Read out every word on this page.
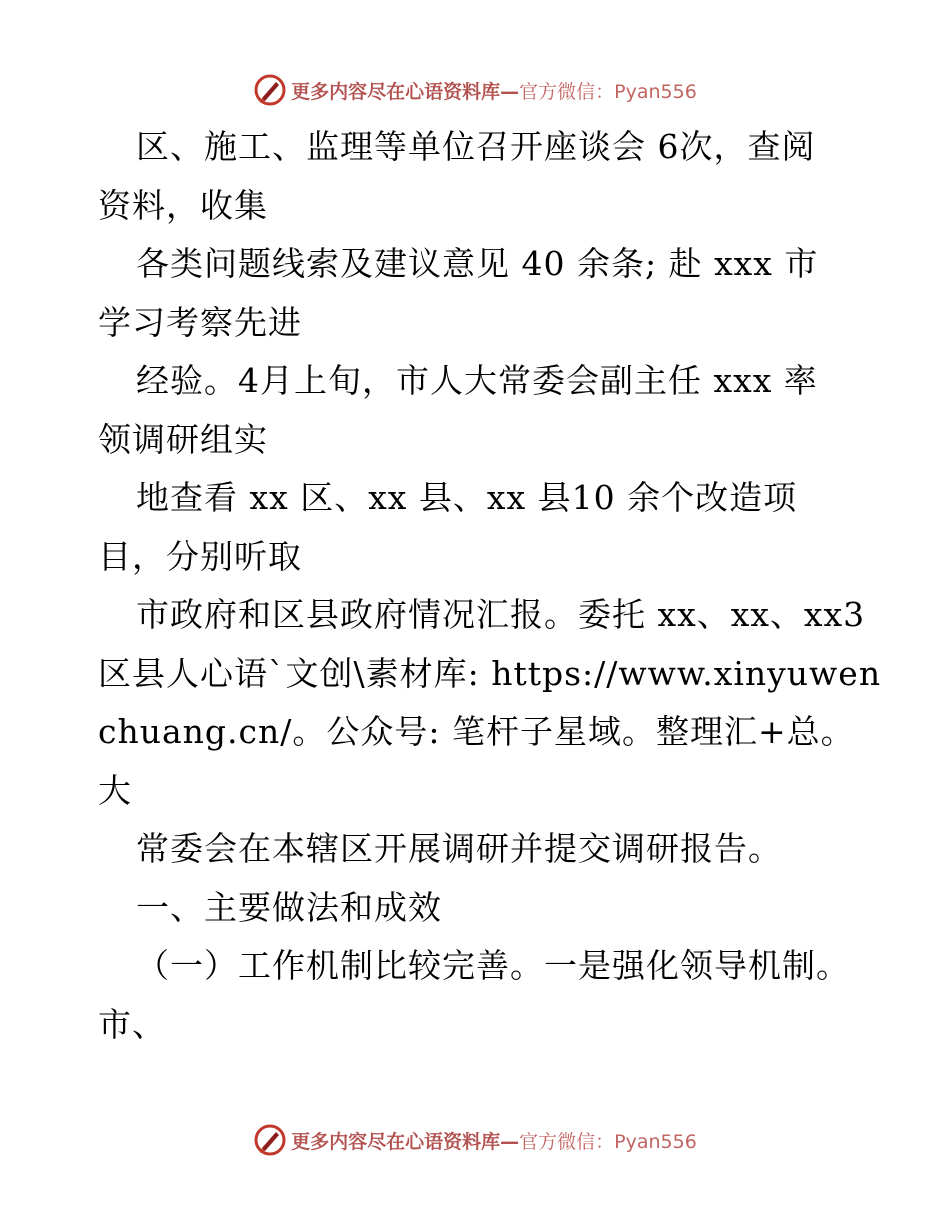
更多内容尽在心语资料库—官方微信：Pyan556
区、施工、监理等单位召开座谈会 6次，查阅
资料，收集
各类问题线索及建议意见 40 余条; 赴 xxx 市
学习考察先进
经验。4月上旬，市人大常委会副主任 xxx 率
领调研组实
地查看 xx 区、xx 县、xx 县10 余个改造项
目，分别听取
市政府和区县政府情况汇报。委托 xx、xx、xx3
区县人心语`文创\素材库: https://www.xinyuwen
chuang.cn/。公众号: 笔杆子星域。整理汇+总。
大
常委会在本辖区开展调研并提交调研报告。
一、主要做法和成效
（一）工作机制比较完善。一是强化领导机制。
市、
更多内容尽在心语资料库—官方微信：Pyan556
